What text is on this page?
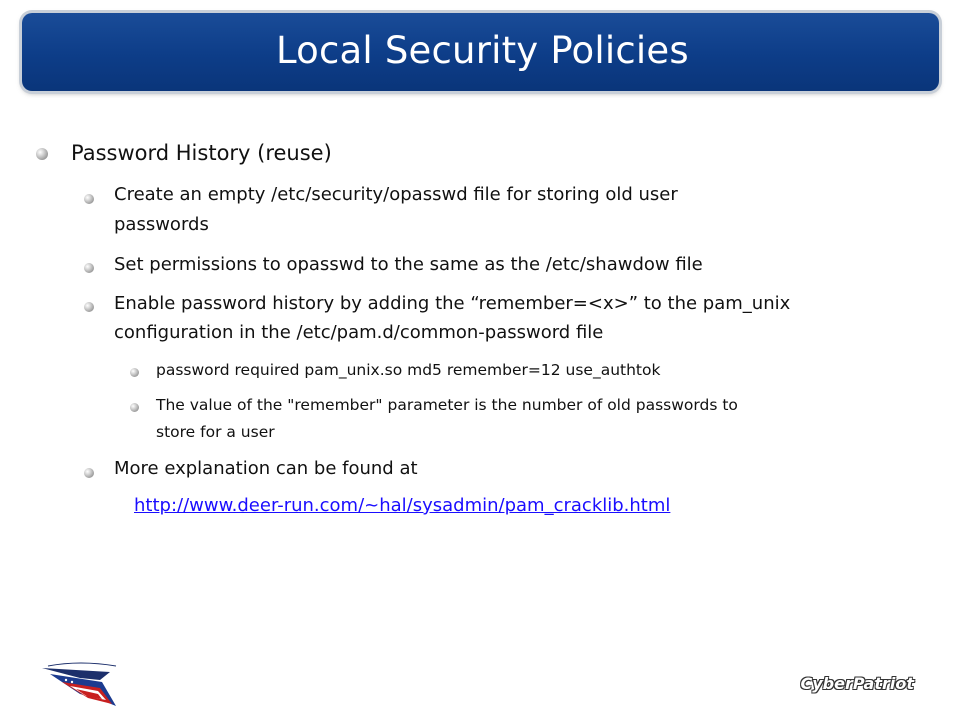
Local Security Policies
Password History (reuse)
Create an empty /etc/security/opasswd file for storing old user
passwords
Set permissions to opasswd to the same as the /etc/shawdow file
Enable password history by adding the “remember=<x>” to the pam_unix
configuration in the /etc/pam.d/common-password file
password required pam_unix.so md5 remember=12 use_authtok
The value of the "remember" parameter is the number of old passwords to
store for a user
More explanation can be found at
http://www.deer-run.com/~hal/sysadmin/pam_cracklib.html
CyberPatriot
